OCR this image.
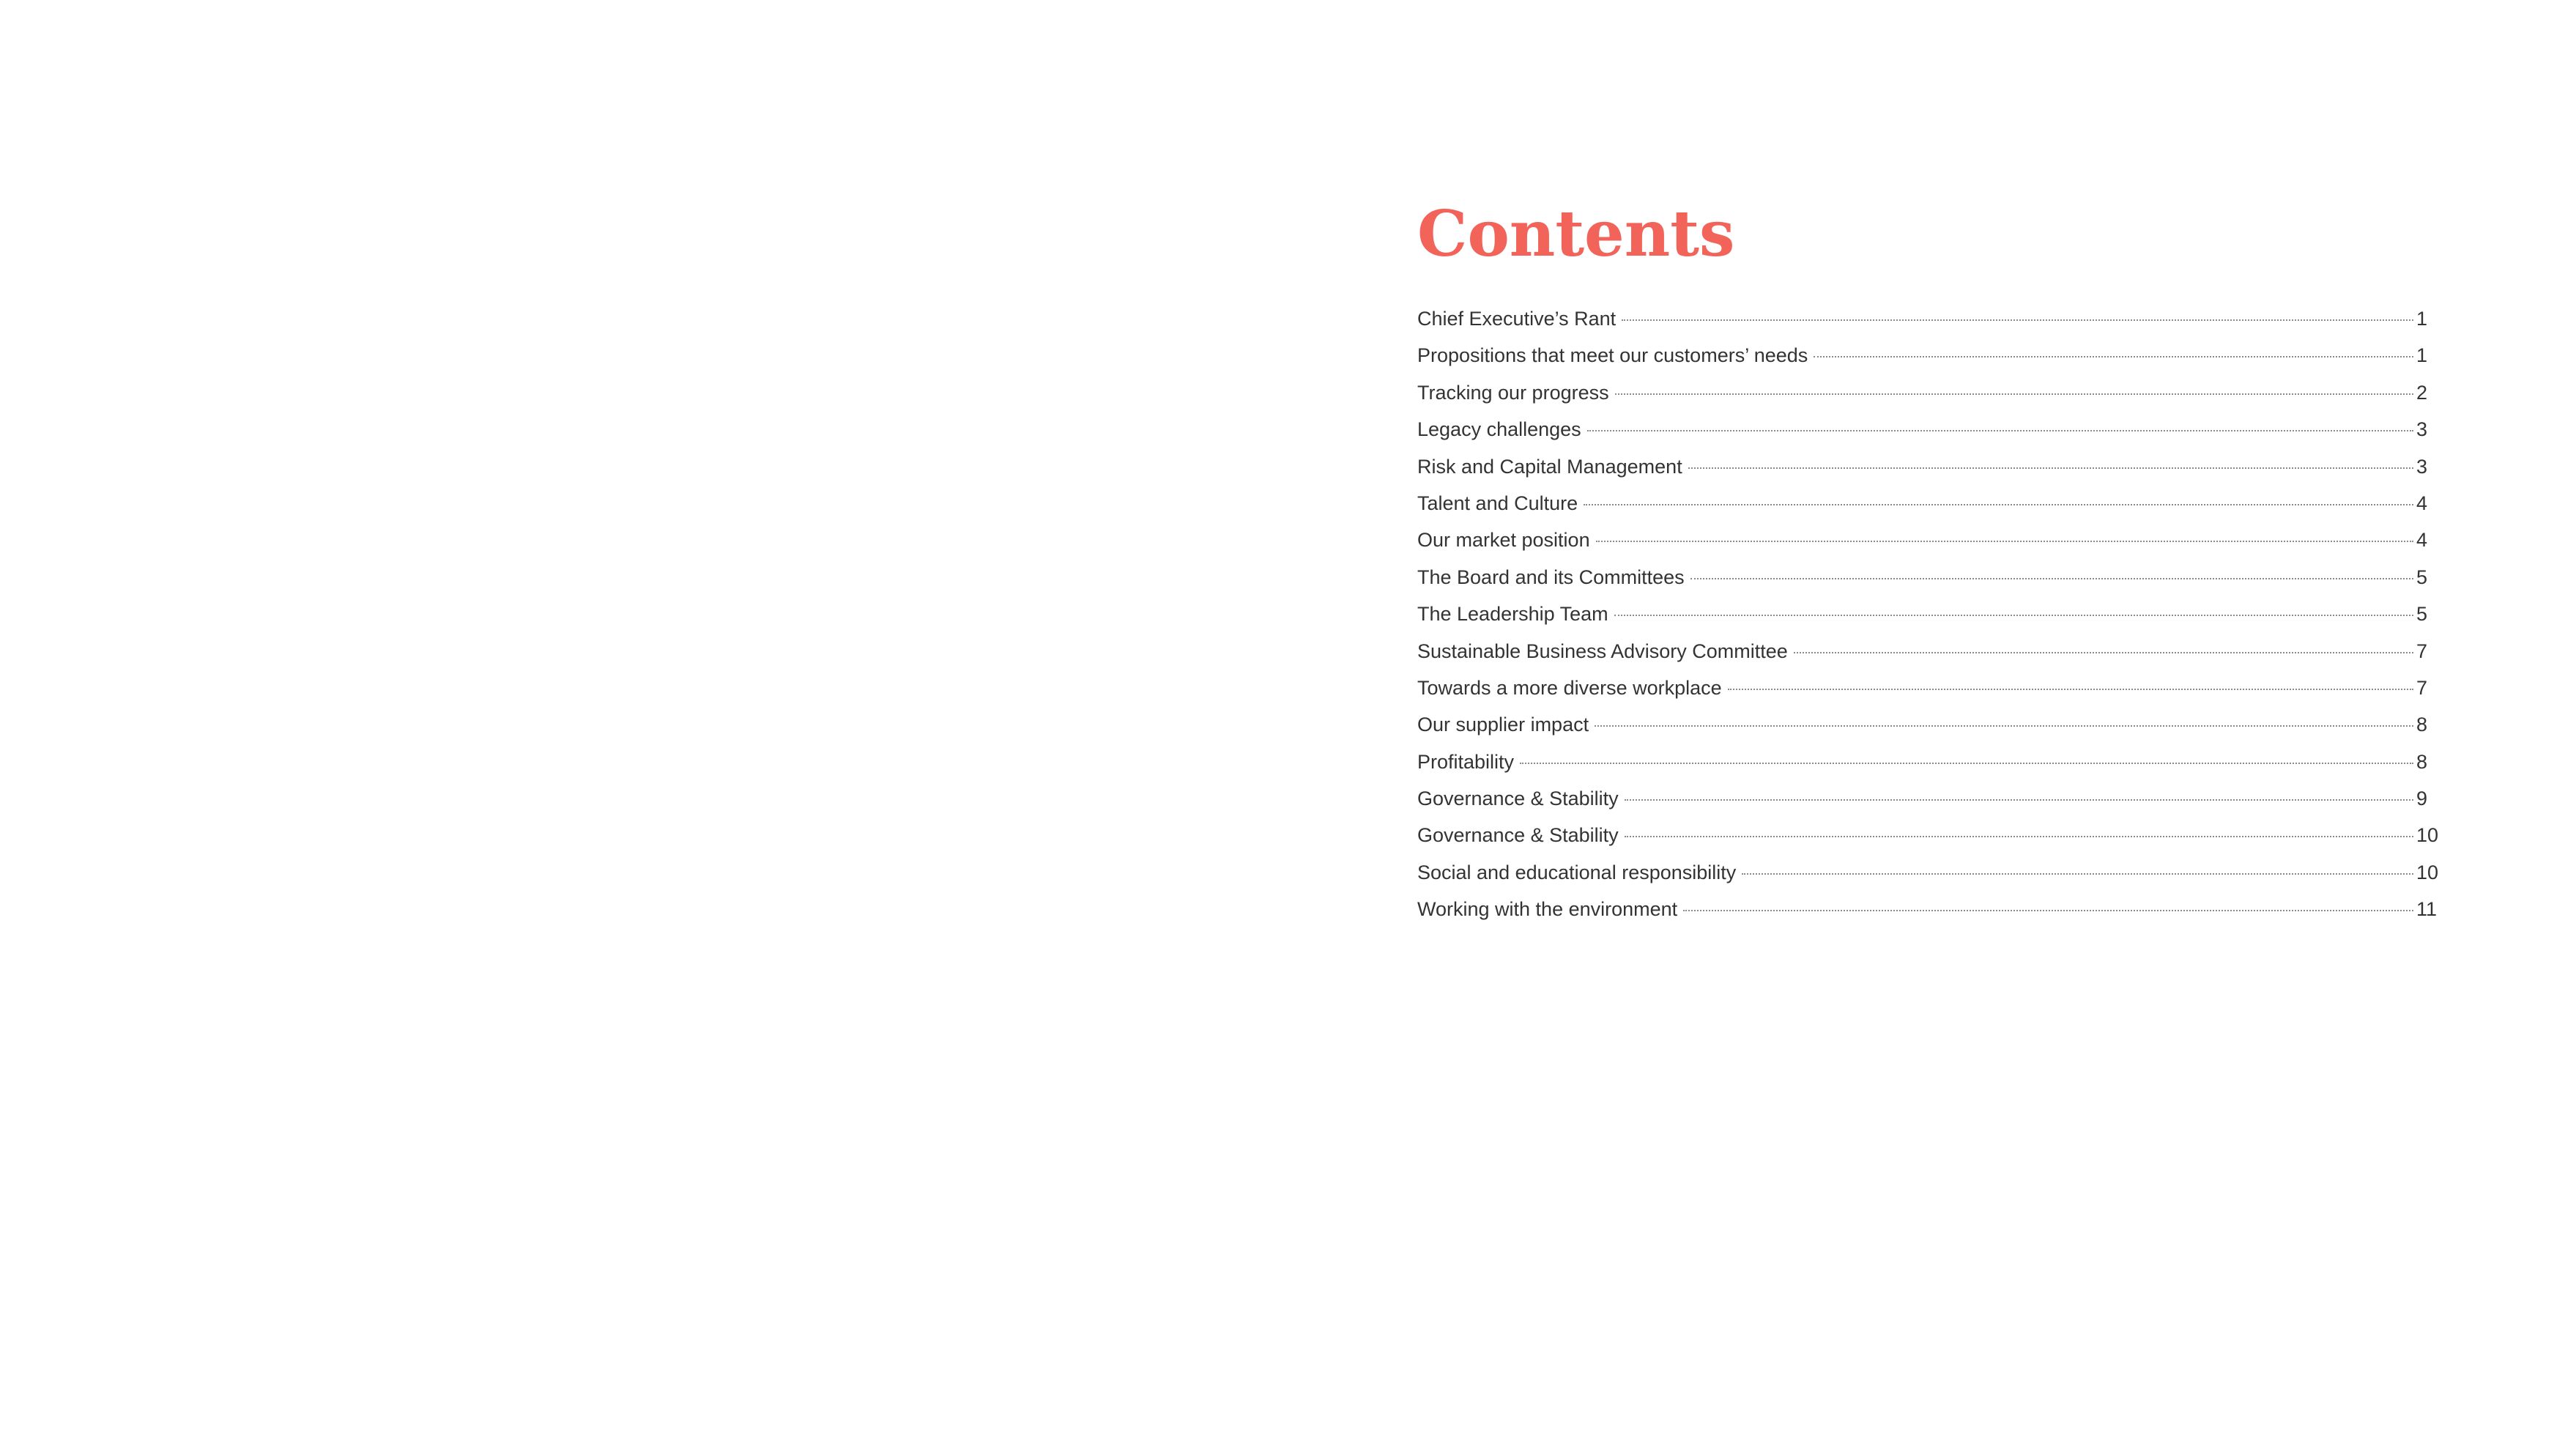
Contents
Chief Executive’s Rant	1
Propositions that meet our customers’ needs	1
Tracking our progress	2
Legacy challenges	3
Risk and Capital Management	3
Talent and Culture	4
Our market position	4
The Board and its Committees	5
The Leadership Team	5
Sustainable Business Advisory Committee	7
Towards a more diverse workplace	7
Our supplier impact	8
Profitability	8
Governance & Stability	9
Governance & Stability	10
Social and educational responsibility	10
Working with the environment	11
